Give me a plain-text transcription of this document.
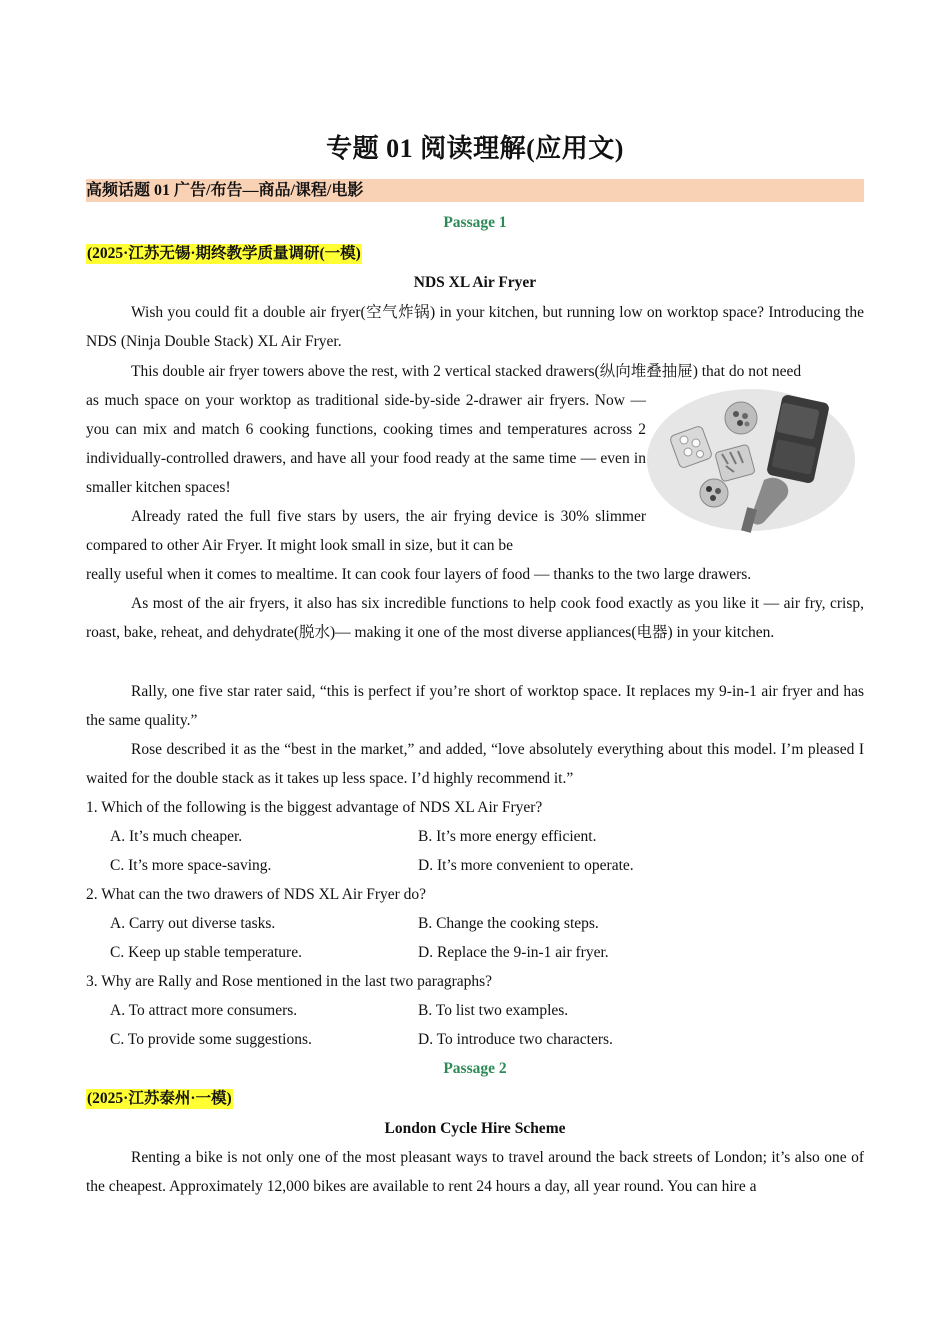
专题 01 阅读理解(应用文)
高频话题 01 广告/布告—商品/课程/电影
Passage 1
(2025·江苏无锡·期终教学质量调研(一模)
NDS XL Air Fryer
Wish you could fit a double air fryer(空气炸锅) in your kitchen, but running low on worktop space? Introducing the NDS (Ninja Double Stack) XL Air Fryer.
This double air fryer towers above the rest, with 2 vertical stacked drawers(纵向堆叠抽屉) that do not need
as much space on your worktop as traditional side-by-side 2-drawer air fryers. Now — you can mix and match 6 cooking functions, cooking times and temperatures across 2 individually-controlled drawers, and have all your food ready at the same time — even in smaller kitchen spaces!
Already rated the full five stars by users, the air frying device is 30% slimmer compared to other Air Fryer. It might look small in size, but it can be
really useful when it comes to mealtime. It can cook four layers of food — thanks to the two large drawers.
As most of the air fryers, it also has six incredible functions to help cook food exactly as you like it — air fry, crisp, roast, bake, reheat, and dehydrate(脱水)— making it one of the most diverse appliances(电器) in your kitchen.
Rally, one five star rater said, “this is perfect if you’re short of worktop space. It replaces my 9-in-1 air fryer and has the same quality.”
Rose described it as the “best in the market,” and added, “love absolutely everything about this model. I’m pleased I waited for the double stack as it takes up less space. I’d highly recommend it.”
1. Which of the following is the biggest advantage of NDS XL Air Fryer?
A. It’s much cheaper.	B. It’s more energy efficient.
C. It’s more space-saving.	D. It’s more convenient to operate.
2. What can the two drawers of NDS XL Air Fryer do?
A. Carry out diverse tasks.	B. Change the cooking steps.
C. Keep up stable temperature.	D. Replace the 9-in-1 air fryer.
3. Why are Rally and Rose mentioned in the last two paragraphs?
A. To attract more consumers.	B. To list two examples.
C. To provide some suggestions.	D. To introduce two characters.
Passage 2
(2025·江苏泰州·一模)
London Cycle Hire Scheme
Renting a bike is not only one of the most pleasant ways to travel around the back streets of London; it’s also one of the cheapest. Approximately 12,000 bikes are available to rent 24 hours a day, all year round. You can hire a
